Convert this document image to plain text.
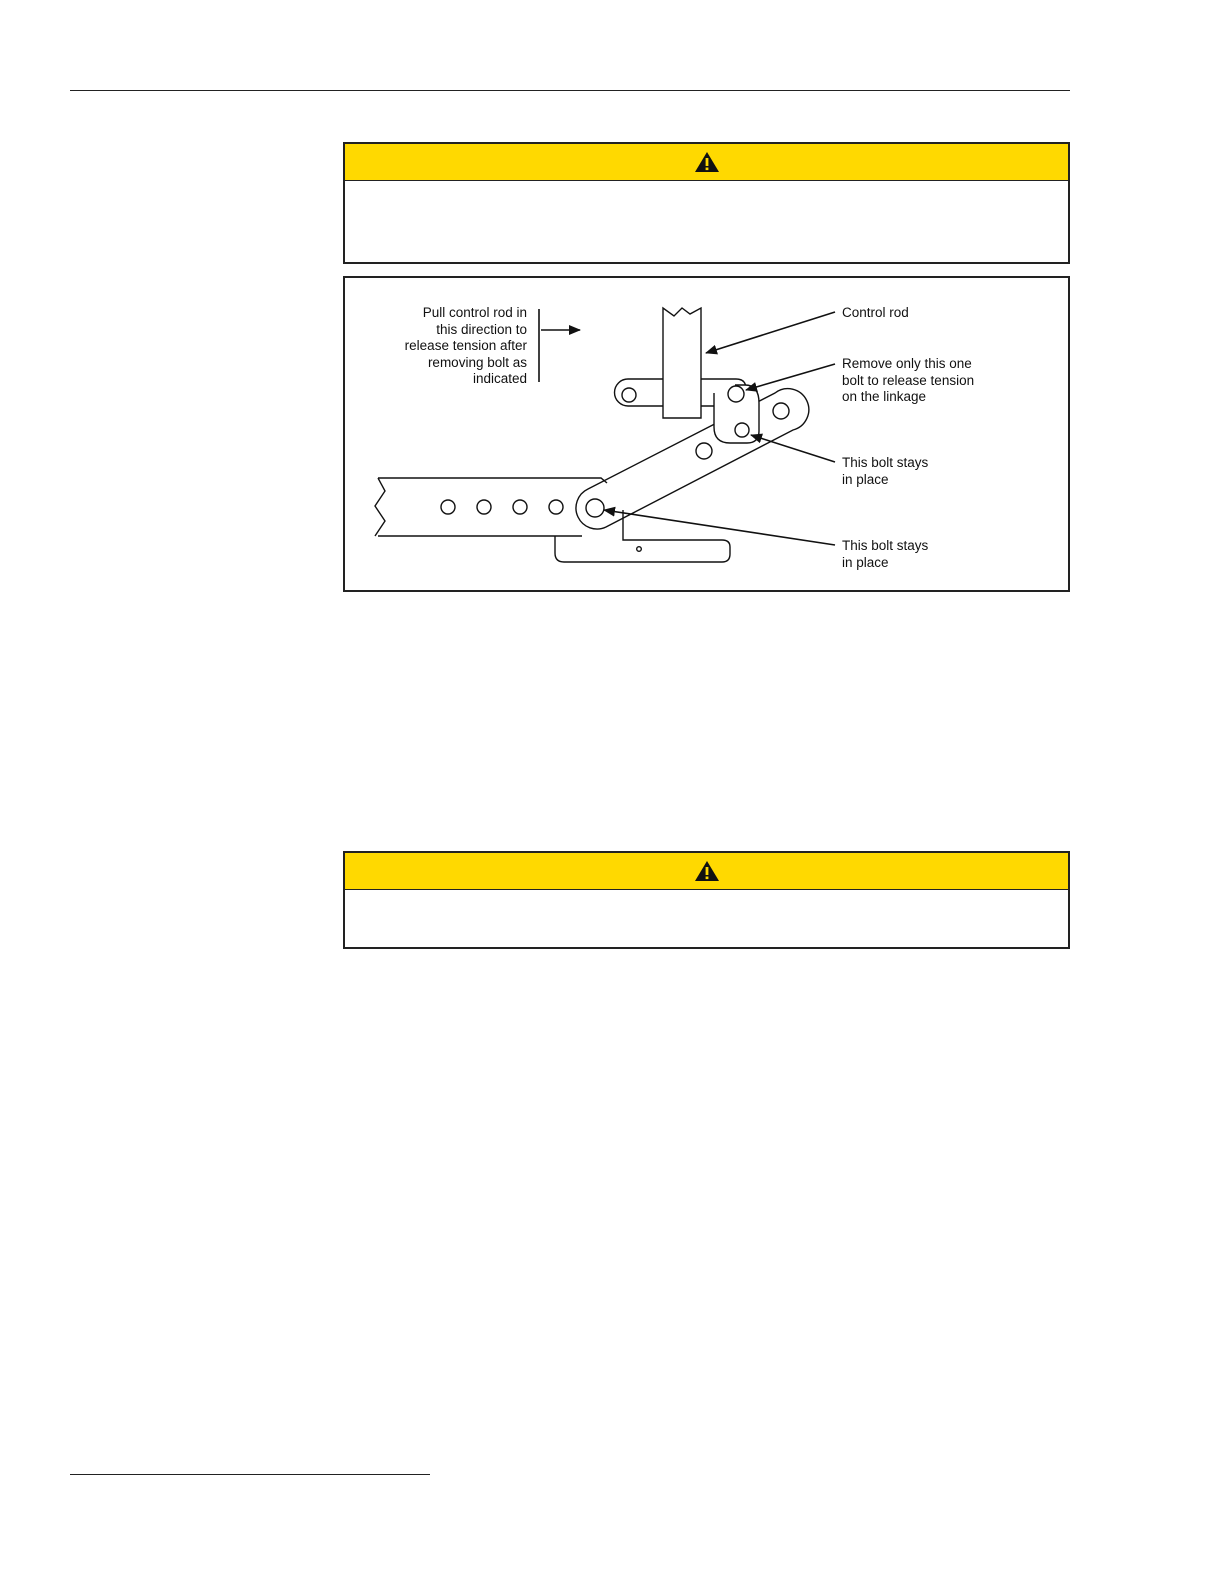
Pull control rod in
this direction to
release tension after
removing bolt as
indicated
Control rod
Remove only this one
bolt to release tension
on the linkage
This bolt stays
in place
This bolt stays
in place
